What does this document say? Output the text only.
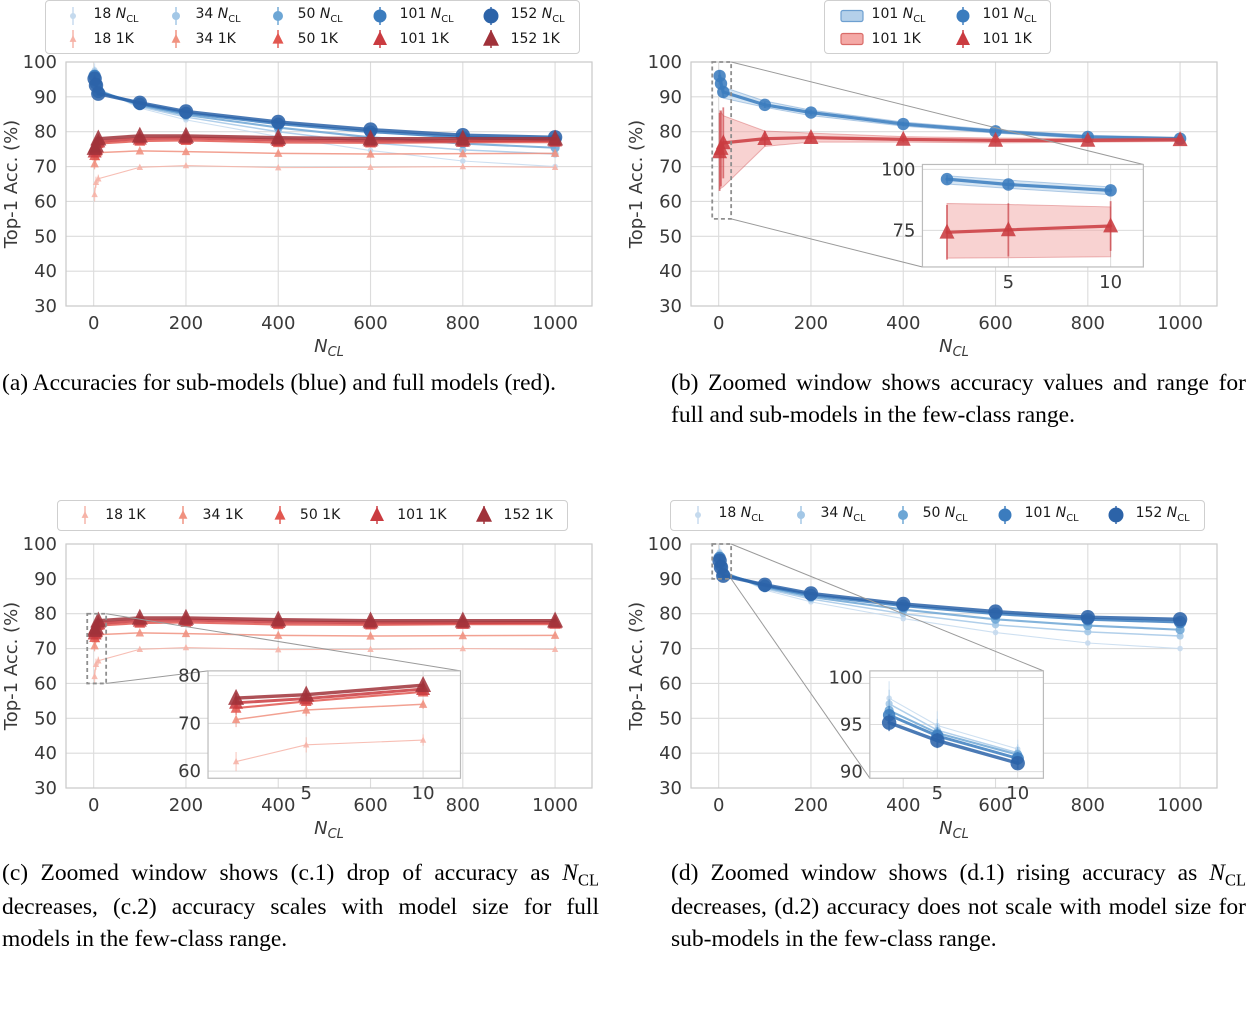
18 $N_{CL}$	34 $N_{CL}$	50 $N_{CL}$	101 $N_{CL}$	152 $N_{CL}$
18 1K	34 1K	50 1K	101 1K	152 1K
0	200	400	600	800	1000
30
40
50
60
70
80
90
100
$N_{CL}$
Top-1 Acc. (%)
(a) Accuracies for sub-models (blue) and full models (red).
101 $N_{CL}$	101 $N_{CL}$
101 1K	101 1K
0	200	400	600	800	1000
30
40
50
60
70
80
90
100
$N_{CL}$
Top-1 Acc. (%)
5	10
75
100
(b) Zoomed window shows accuracy values and range for full and sub-models in the few-class range.
18 1K	34 1K	50 1K	101 1K	152 1K
0	200	400	600	800	1000
30
40
50
60
70
80
90
100
$N_{CL}$
Top-1 Acc. (%)
5	10
60
70
80
(c) Zoomed window shows (c.1) drop of accuracy as $N_{CL}$ decreases, (c.2) accuracy scales with model size for full models in the few-class range.
18 $N_{CL}$	34 $N_{CL}$	50 $N_{CL}$	101 $N_{CL}$	152 $N_{CL}$
0	200	400	600	800	1000
30
40
50
60
70
80
90
100
$N_{CL}$
Top-1 Acc. (%)
5	10
90
95
100
(d) Zoomed window shows (d.1) rising accuracy as $N_{CL}$ decreases, (d.2) accuracy does not scale with model size for sub-models in the few-class range.
